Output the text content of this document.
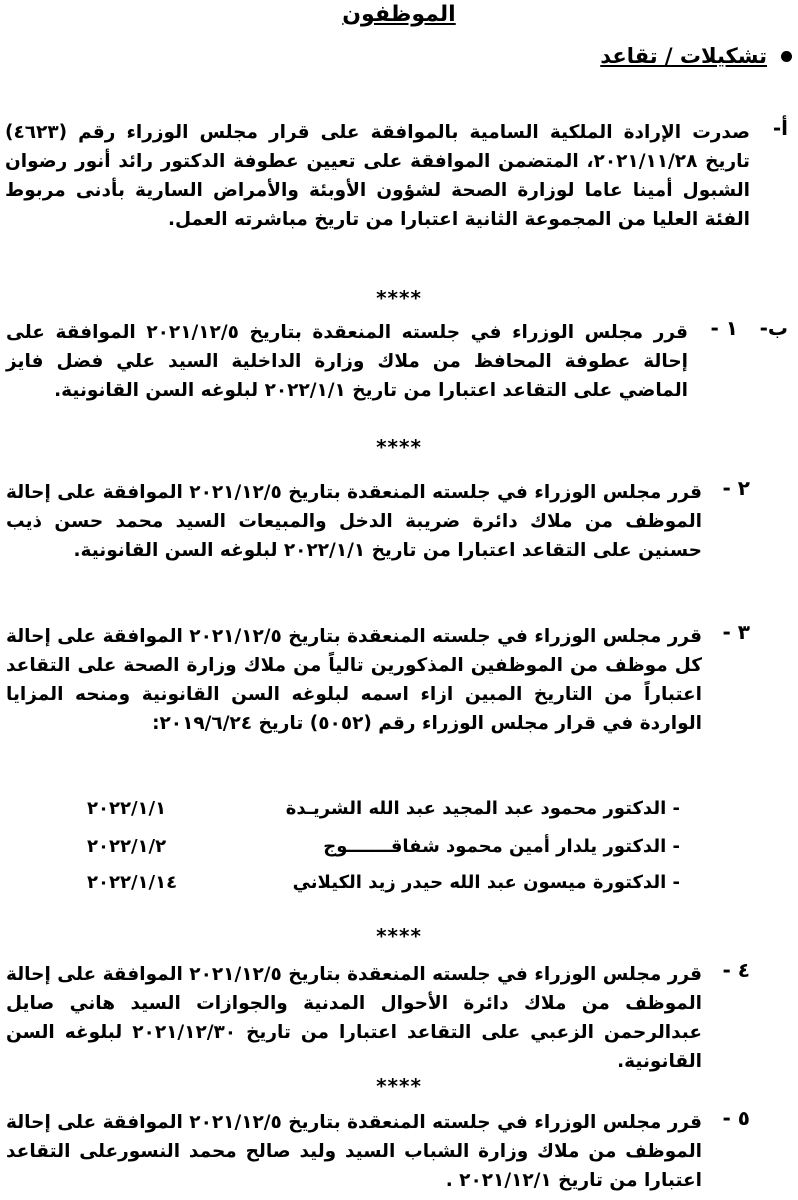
الموظفون
تشكيلات / تقاعد
أ-
صدرت الإرادة الملكية السامية بالموافقة على قرار مجلس الوزراء رقم (٤٦٢٣) تاريخ ٢٠٢١/١١/٢٨، المتضمن الموافقة على تعيين عطوفة الدكتور رائد أنور رضوان الشبول أمينا عاما لوزارة الصحة لشؤون الأوبئة والأمراض السارية بأدنى مربوط الفئة العليا من المجموعة الثانية اعتبارا من تاريخ مباشرته العمل.
****
ب-
١ -
قرر مجلس الوزراء في جلسته المنعقدة بتاريخ ٢٠٢١/١٢/٥ الموافقة على إحالة عطوفة المحافظ من ملاك وزارة الداخلية السيد علي فضل فايز الماضي على التقاعد اعتبارا من تاريخ ٢٠٢٢/١/١ لبلوغه السن القانونية.
****
٢ -
قرر مجلس الوزراء في جلسته المنعقدة بتاريخ ٢٠٢١/١٢/٥ الموافقة على إحالة الموظف من ملاك دائرة ضريبة الدخل والمبيعات السيد محمد حسن ذيب حسنين على التقاعد اعتبارا من تاريخ ٢٠٢٢/١/١ لبلوغه السن القانونية.
٣ -
قرر مجلس الوزراء في جلسته المنعقدة بتاريخ ٢٠٢١/١٢/٥ الموافقة على إحالة كل موظف من الموظفين المذكورين تالياً من ملاك وزارة الصحة على التقاعد اعتباراً من التاريخ المبين ازاء اسمه لبلوغه السن القانونية ومنحه المزايا الواردة في قرار مجلس الوزراء رقم (٥٠٥٢) تاريخ ٢٠١٩/٦/٢٤:
- الدكتور محمود عبد المجيد عبد الله الشريـدة
٢٠٢٢/١/١
- الدكتور يلدار أمين محمود شفاقـــــــوج
٢٠٢٢/١/٢
- الدكتورة ميسون عبد الله حيدر زيد الكيلاني
٢٠٢٢/١/١٤
****
٤ -
قرر مجلس الوزراء في جلسته المنعقدة بتاريخ ٢٠٢١/١٢/٥ الموافقة على إحالة الموظف من ملاك دائرة الأحوال المدنية والجوازات السيد هاني صايل عبدالرحمن الزعبي على التقاعد اعتبارا من تاريخ ٢٠٢١/١٢/٣٠ لبلوغه السن القانونية.
****
٥ -
قرر مجلس الوزراء في جلسته المنعقدة بتاريخ ٢٠٢١/١٢/٥ الموافقة على إحالة الموظف من ملاك وزارة الشباب السيد وليد صالح محمد النسورعلى التقاعد اعتبارا من تاريخ ٢٠٢١/١٢/١ .
